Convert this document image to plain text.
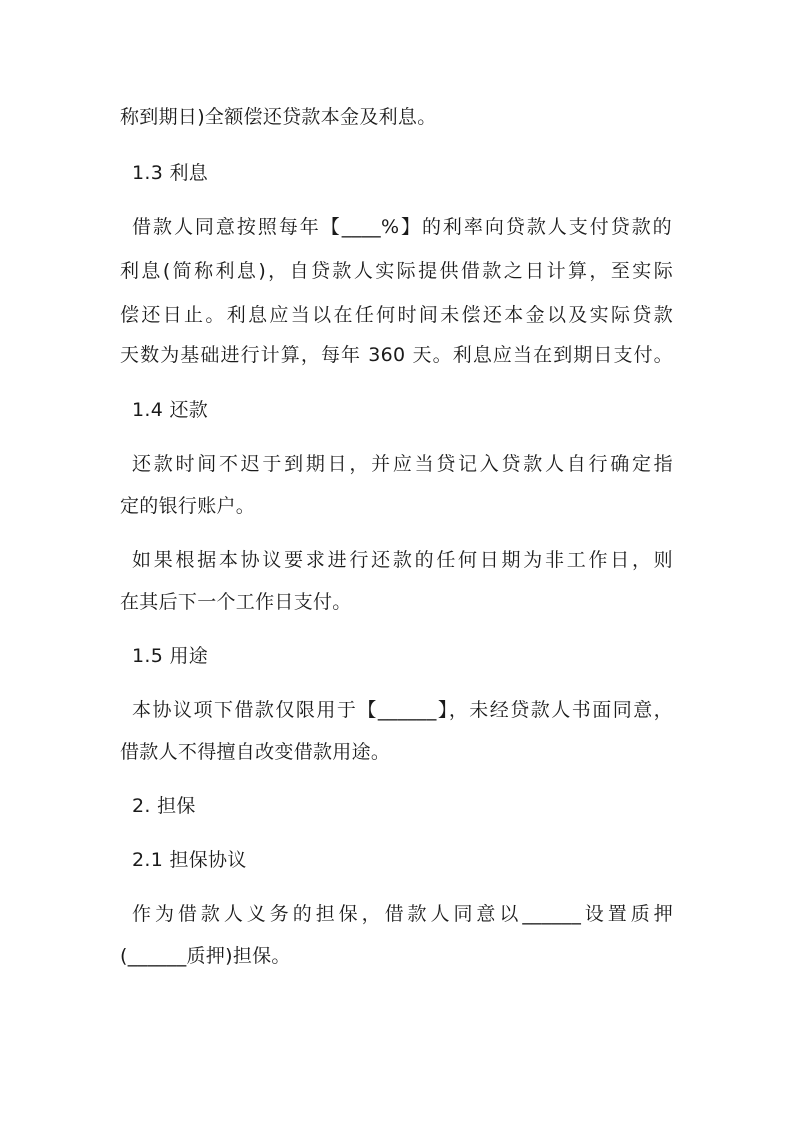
称到期日)全额偿还贷款本金及利息。
1.3 利息
借款人同意按照每年【____%】的利率向贷款人支付贷款的
利息(简称利息)，自贷款人实际提供借款之日计算，至实际
偿还日止。利息应当以在任何时间未偿还本金以及实际贷款
天数为基础进行计算，每年 360 天。利息应当在到期日支付。
1.4 还款
还款时间不迟于到期日，并应当贷记入贷款人自行确定指
定的银行账户。
如果根据本协议要求进行还款的任何日期为非工作日，则
在其后下一个工作日支付。
1.5 用途
本协议项下借款仅限用于【______】，未经贷款人书面同意，
借款人不得擅自改变借款用途。
2. 担保
2.1 担保协议
作为借款人义务的担保，借款人同意以______设置质押
(______质押)担保。
